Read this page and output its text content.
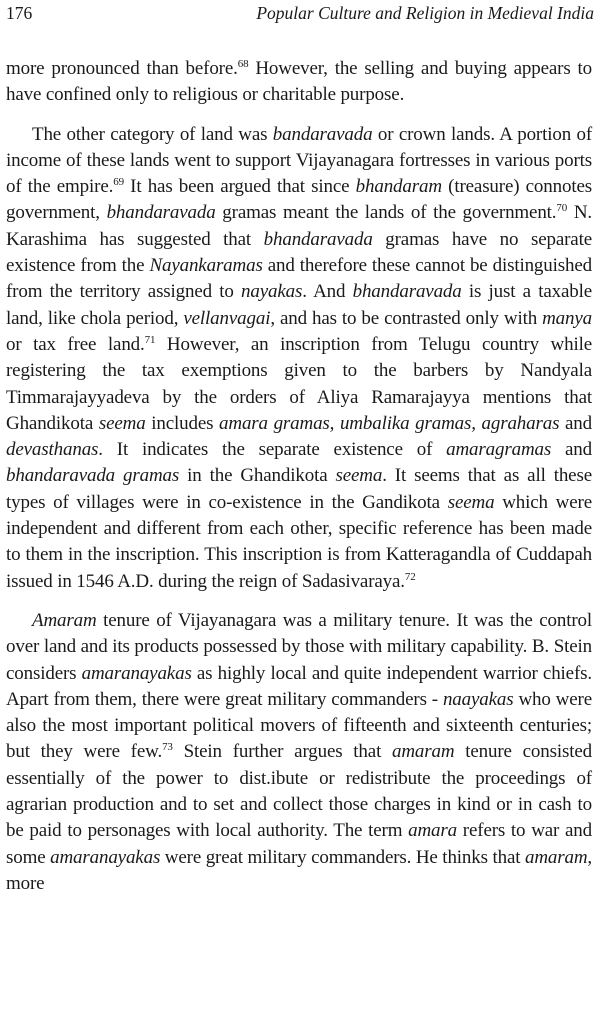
176	Popular Culture and Religion in Medieval India

more pronounced than before.$^{68}$ However, the selling and buying appears to have confined only to religious or charitable purpose.

The other category of land was bandaravada or crown lands. A portion of income of these lands went to support Vijayanagara fortresses in various ports of the empire.$^{69}$ It has been argued that since bhandaram (treasure) connotes government, bhandaravada gramas meant the lands of the government.$^{70}$ N. Karashima has suggested that bhandaravada gramas have no separate existence from the Nayankaramas and therefore these cannot be distinguished from the territory assigned to nayakas. And bhandaravada is just a taxable land, like chola period, vellanvagai, and has to be contrasted only with manya or tax free land.$^{71}$ However, an inscription from Telugu country while registering the tax exemptions given to the barbers by Nandyala Timmarajayyadeva by the orders of Aliya Ramarajayya mentions that Ghandikota seema includes amara gramas, umbalika gramas, agraharas and devasthanas. It indicates the separate existence of amaragramas and bhandaravada gramas in the Ghandikota seema. It seems that as all these types of villages were in co-existence in the Gandikota seema which were independent and different from each other, specific reference has been made to them in the inscription. This inscription is from Katteragandla of Cuddapah issued in 1546 A.D. during the reign of Sadasivaraya.$^{72}$

Amaram tenure of Vijayanagara was a military tenure. It was the control over land and its products possessed by those with military capability. B. Stein considers amaranayakas as highly local and quite independent warrior chiefs. Apart from them, there were great military commanders - naayakas who were also the most important political movers of fifteenth and sixteenth centuries; but they were few.$^{73}$ Stein further argues that amaram tenure consisted essentially of the power to dist.ibute or redistribute the proceedings of agrarian production and to set and collect those charges in kind or in cash to be paid to personages with local authority. The term amara refers to war and some amaranayakas were great military commanders. He thinks that amaram, more
